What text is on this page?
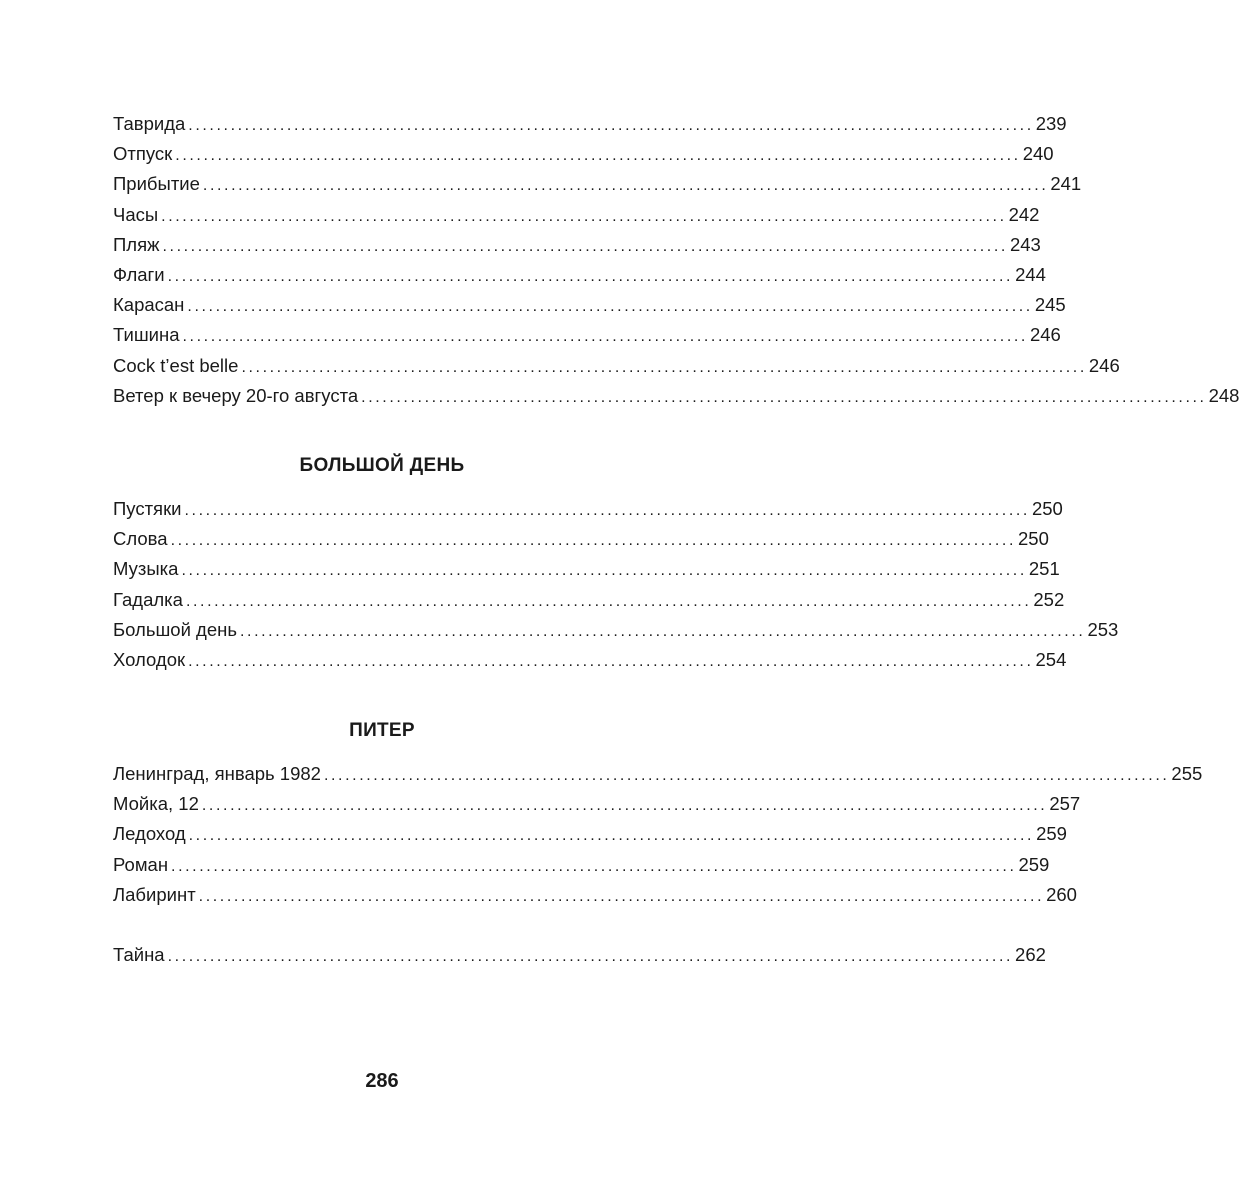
Таврида ........................................................................................................................ 239
Отпуск ........................................................................................................................ 240
Прибытие ........................................................................................................................ 241
Часы ........................................................................................................................ 242
Пляж ........................................................................................................................ 243
Флаги ........................................................................................................................ 244
Карасан ........................................................................................................................ 245
Тишина ........................................................................................................................ 246
Cock t’est belle ........................................................................................................................ 246
Ветер к вечеру 20-го августа ........................................................................................................................ 248
БОЛЬШОЙ ДЕНЬ
Пустяки ........................................................................................................................ 250
Слова ........................................................................................................................ 250
Музыка ........................................................................................................................ 251
Гадалка ........................................................................................................................ 252
Большой день ........................................................................................................................ 253
Холодок ........................................................................................................................ 254
ПИТЕР
Ленинград, январь 1982 ........................................................................................................................ 255
Мойка, 12 ........................................................................................................................ 257
Ледоход ........................................................................................................................ 259
Роман ........................................................................................................................ 259
Лабиринт ........................................................................................................................ 260
Тайна ........................................................................................................................ 262
286
